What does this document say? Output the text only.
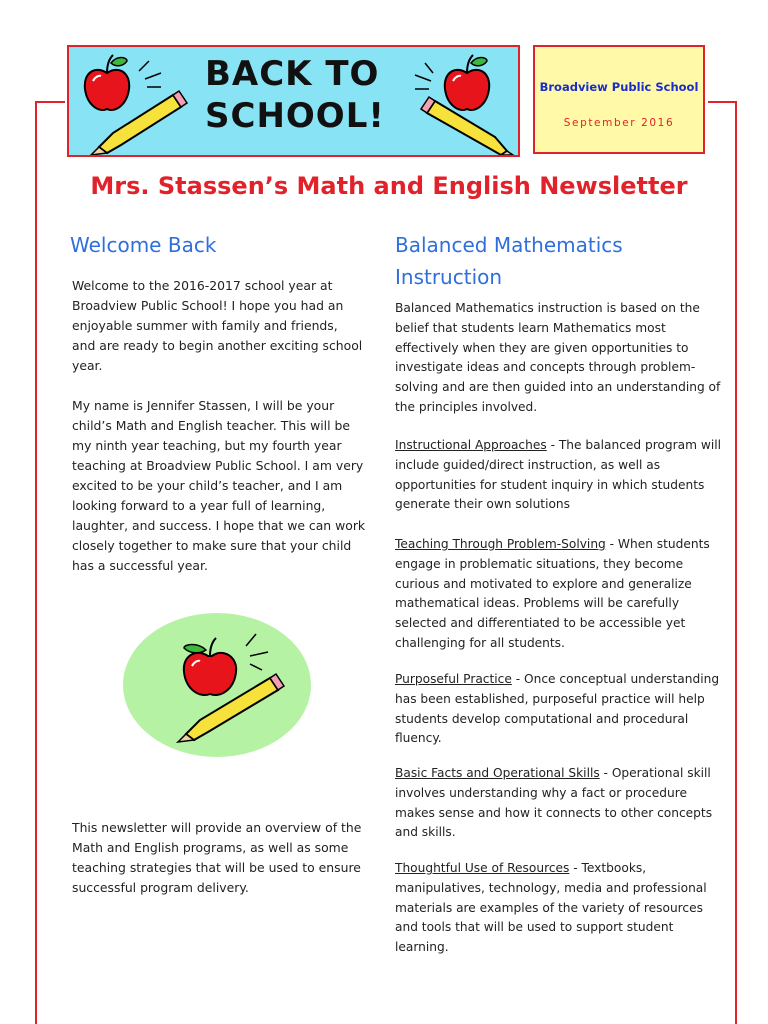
BACK TO
SCHOOL!
Broadview Public School
September 2016
Mrs. Stassen’s Math and English Newsletter
Welcome Back

Welcome to the 2016-2017 school year at Broadview Public School! I hope you had an enjoyable summer with family and friends, and are ready to begin another exciting school year.

My name is Jennifer Stassen, I will be your child’s Math and English teacher. This will be my ninth year teaching, but my fourth year teaching at Broadview Public School. I am very excited to be your child’s teacher, and I am looking forward to a year full of learning, laughter, and success. I hope that we can work closely together to make sure that your child has a successful year.

This newsletter will provide an overview of the Math and English programs, as well as some teaching strategies that will be used to ensure successful program delivery.

Balanced Mathematics Instruction

Balanced Mathematics instruction is based on the belief that students learn Mathematics most effectively when they are given opportunities to investigate ideas and concepts through problem-solving and are then guided into an understanding of the principles involved.

Instructional Approaches - The balanced program will include guided/direct instruction, as well as opportunities for student inquiry in which students generate their own solutions

Teaching Through Problem-Solving - When students engage in problematic situations, they become curious and motivated to explore and generalize mathematical ideas. Problems will be carefully selected and differentiated to be accessible yet challenging for all students.

Purposeful Practice - Once conceptual understanding has been established, purposeful practice will help students develop computational and procedural fluency.

Basic Facts and Operational Skills - Operational skill involves understanding why a fact or procedure makes sense and how it connects to other concepts and skills.

Thoughtful Use of Resources - Textbooks, manipulatives, technology, media and professional materials are examples of the variety of resources and tools that will be used to support student learning.
